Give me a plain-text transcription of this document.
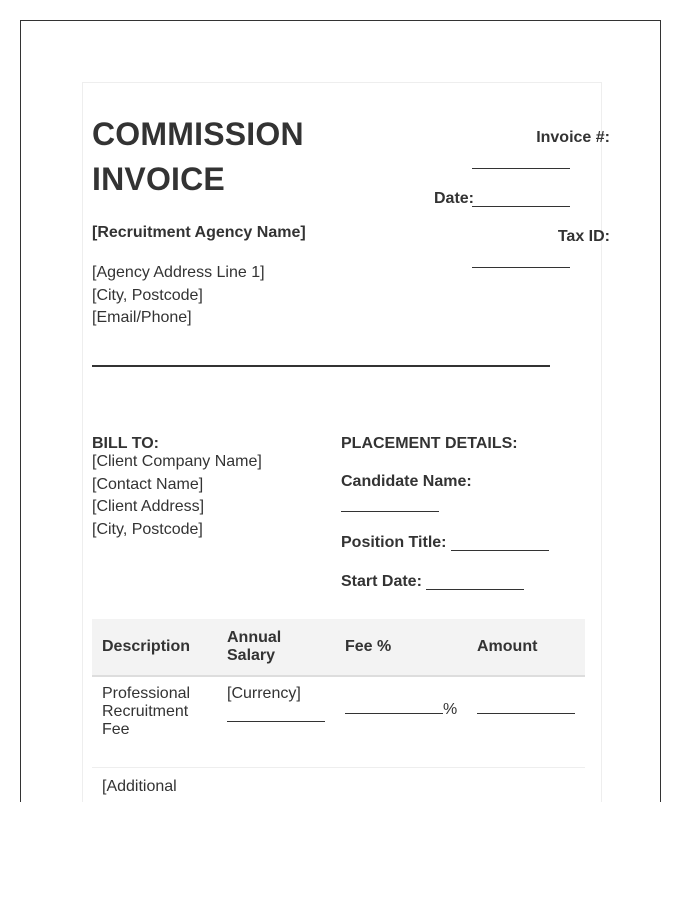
COMMISSION
INVOICE
[Recruitment Agency Name]
[Agency Address Line 1]
[City, Postcode]
[Email/Phone]
Invoice #:
Date:
Tax ID:
BILL TO:
[Client Company Name]
[Contact Name]
[Client Address]
[City, Postcode]
PLACEMENT DETAILS:
Candidate Name:
Position Title:
Start Date:
Description	Annual Salary	Fee %	Amount
Professional Recruitment Fee	[Currency]	%	
[Additional			
